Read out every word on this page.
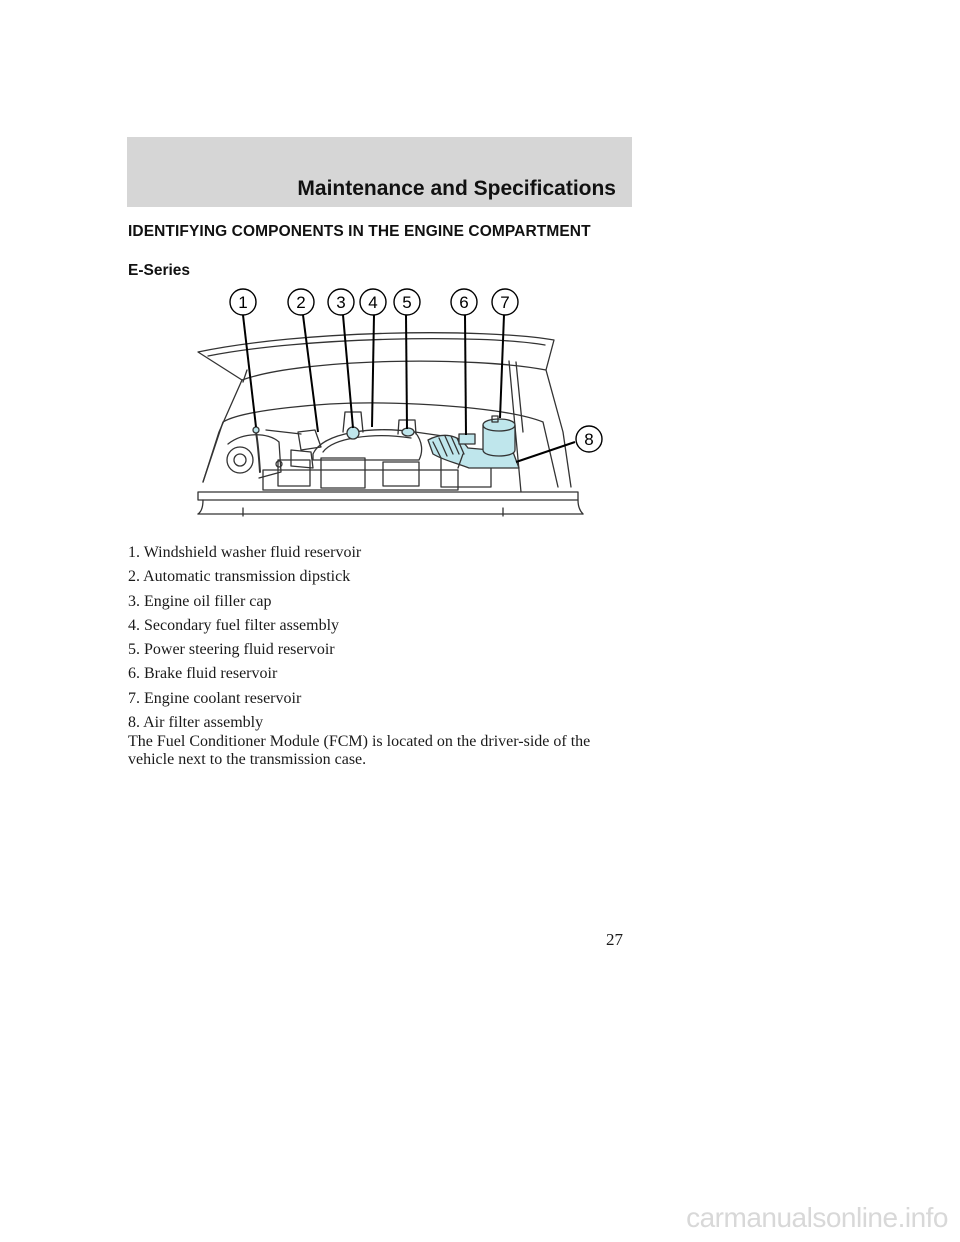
Maintenance and Specifications
IDENTIFYING COMPONENTS IN THE ENGINE COMPARTMENT
E-Series
1	2 3 4 5	6 7
8
1. Windshield washer fluid reservoir
2. Automatic transmission dipstick
3. Engine oil filler cap
4. Secondary fuel filter assembly
5. Power steering fluid reservoir
6. Brake fluid reservoir
7. Engine coolant reservoir
8. Air filter assembly

The Fuel Conditioner Module (FCM) is located on the driver-side of the vehicle next to the transmission case.

27
carmanualsonline.info
